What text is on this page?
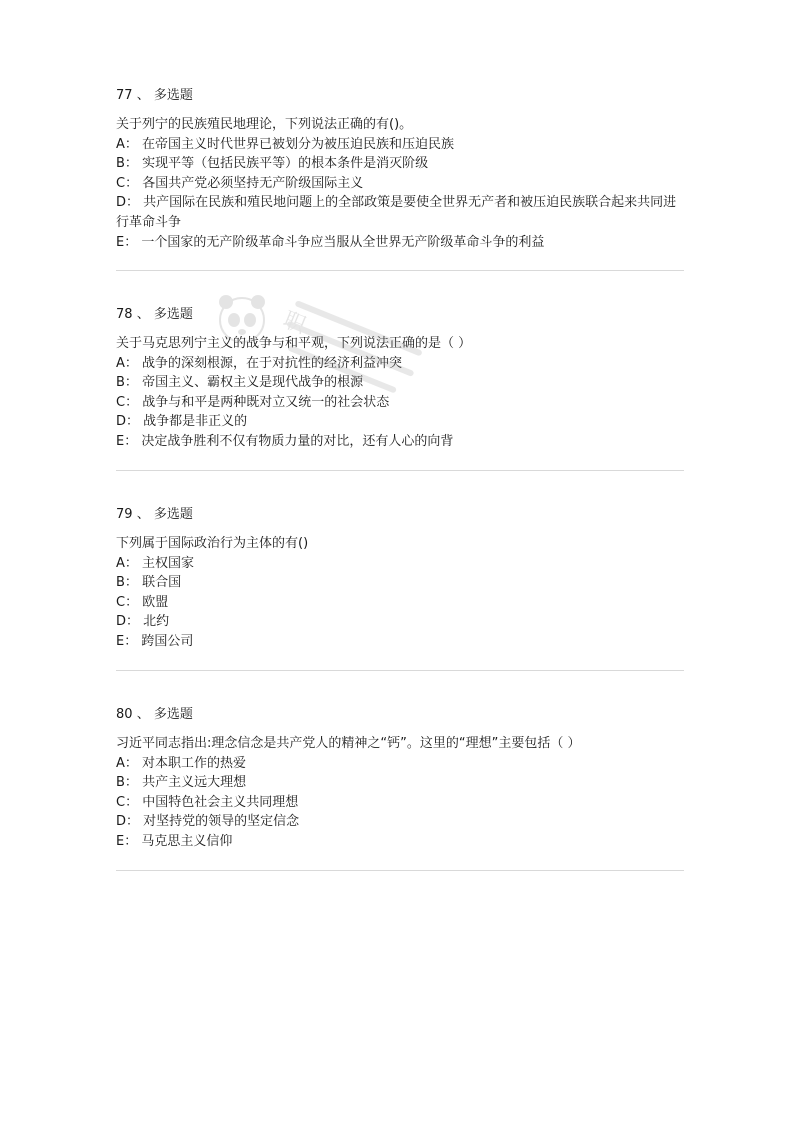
77 、 多选题
关于列宁的民族殖民地理论，下列说法正确的有()。
A： 在帝国主义时代世界已被划分为被压迫民族和压迫民族
B： 实现平等（包括民族平等）的根本条件是消灭阶级
C： 各国共产党必须坚持无产阶级国际主义
D： 共产国际在民族和殖民地问题上的全部政策是要使全世界无产者和被压迫民族联合起来共同进行革命斗争
E： 一个国家的无产阶级革命斗争应当服从全世界无产阶级革命斗争的利益
78 、 多选题
关于马克思列宁主义的战争与和平观，下列说法正确的是（ ）
A： 战争的深刻根源，在于对抗性的经济利益冲突
B： 帝国主义、霸权主义是现代战争的根源
C： 战争与和平是两种既对立又统一的社会状态
D： 战争都是非正义的
E： 决定战争胜利不仅有物质力量的对比，还有人心的向背
79 、 多选题
下列属于国际政治行为主体的有()
A： 主权国家
B： 联合国
C： 欧盟
D： 北约
E： 跨国公司
80 、 多选题
习近平同志指出:理念信念是共产党人的精神之“钙”。这里的“理想”主要包括（ ）
A： 对本职工作的热爱
B： 共产主义远大理想
C： 中国特色社会主义共同理想
D： 对坚持党的领导的坚定信念
E： 马克思主义信仰
职
